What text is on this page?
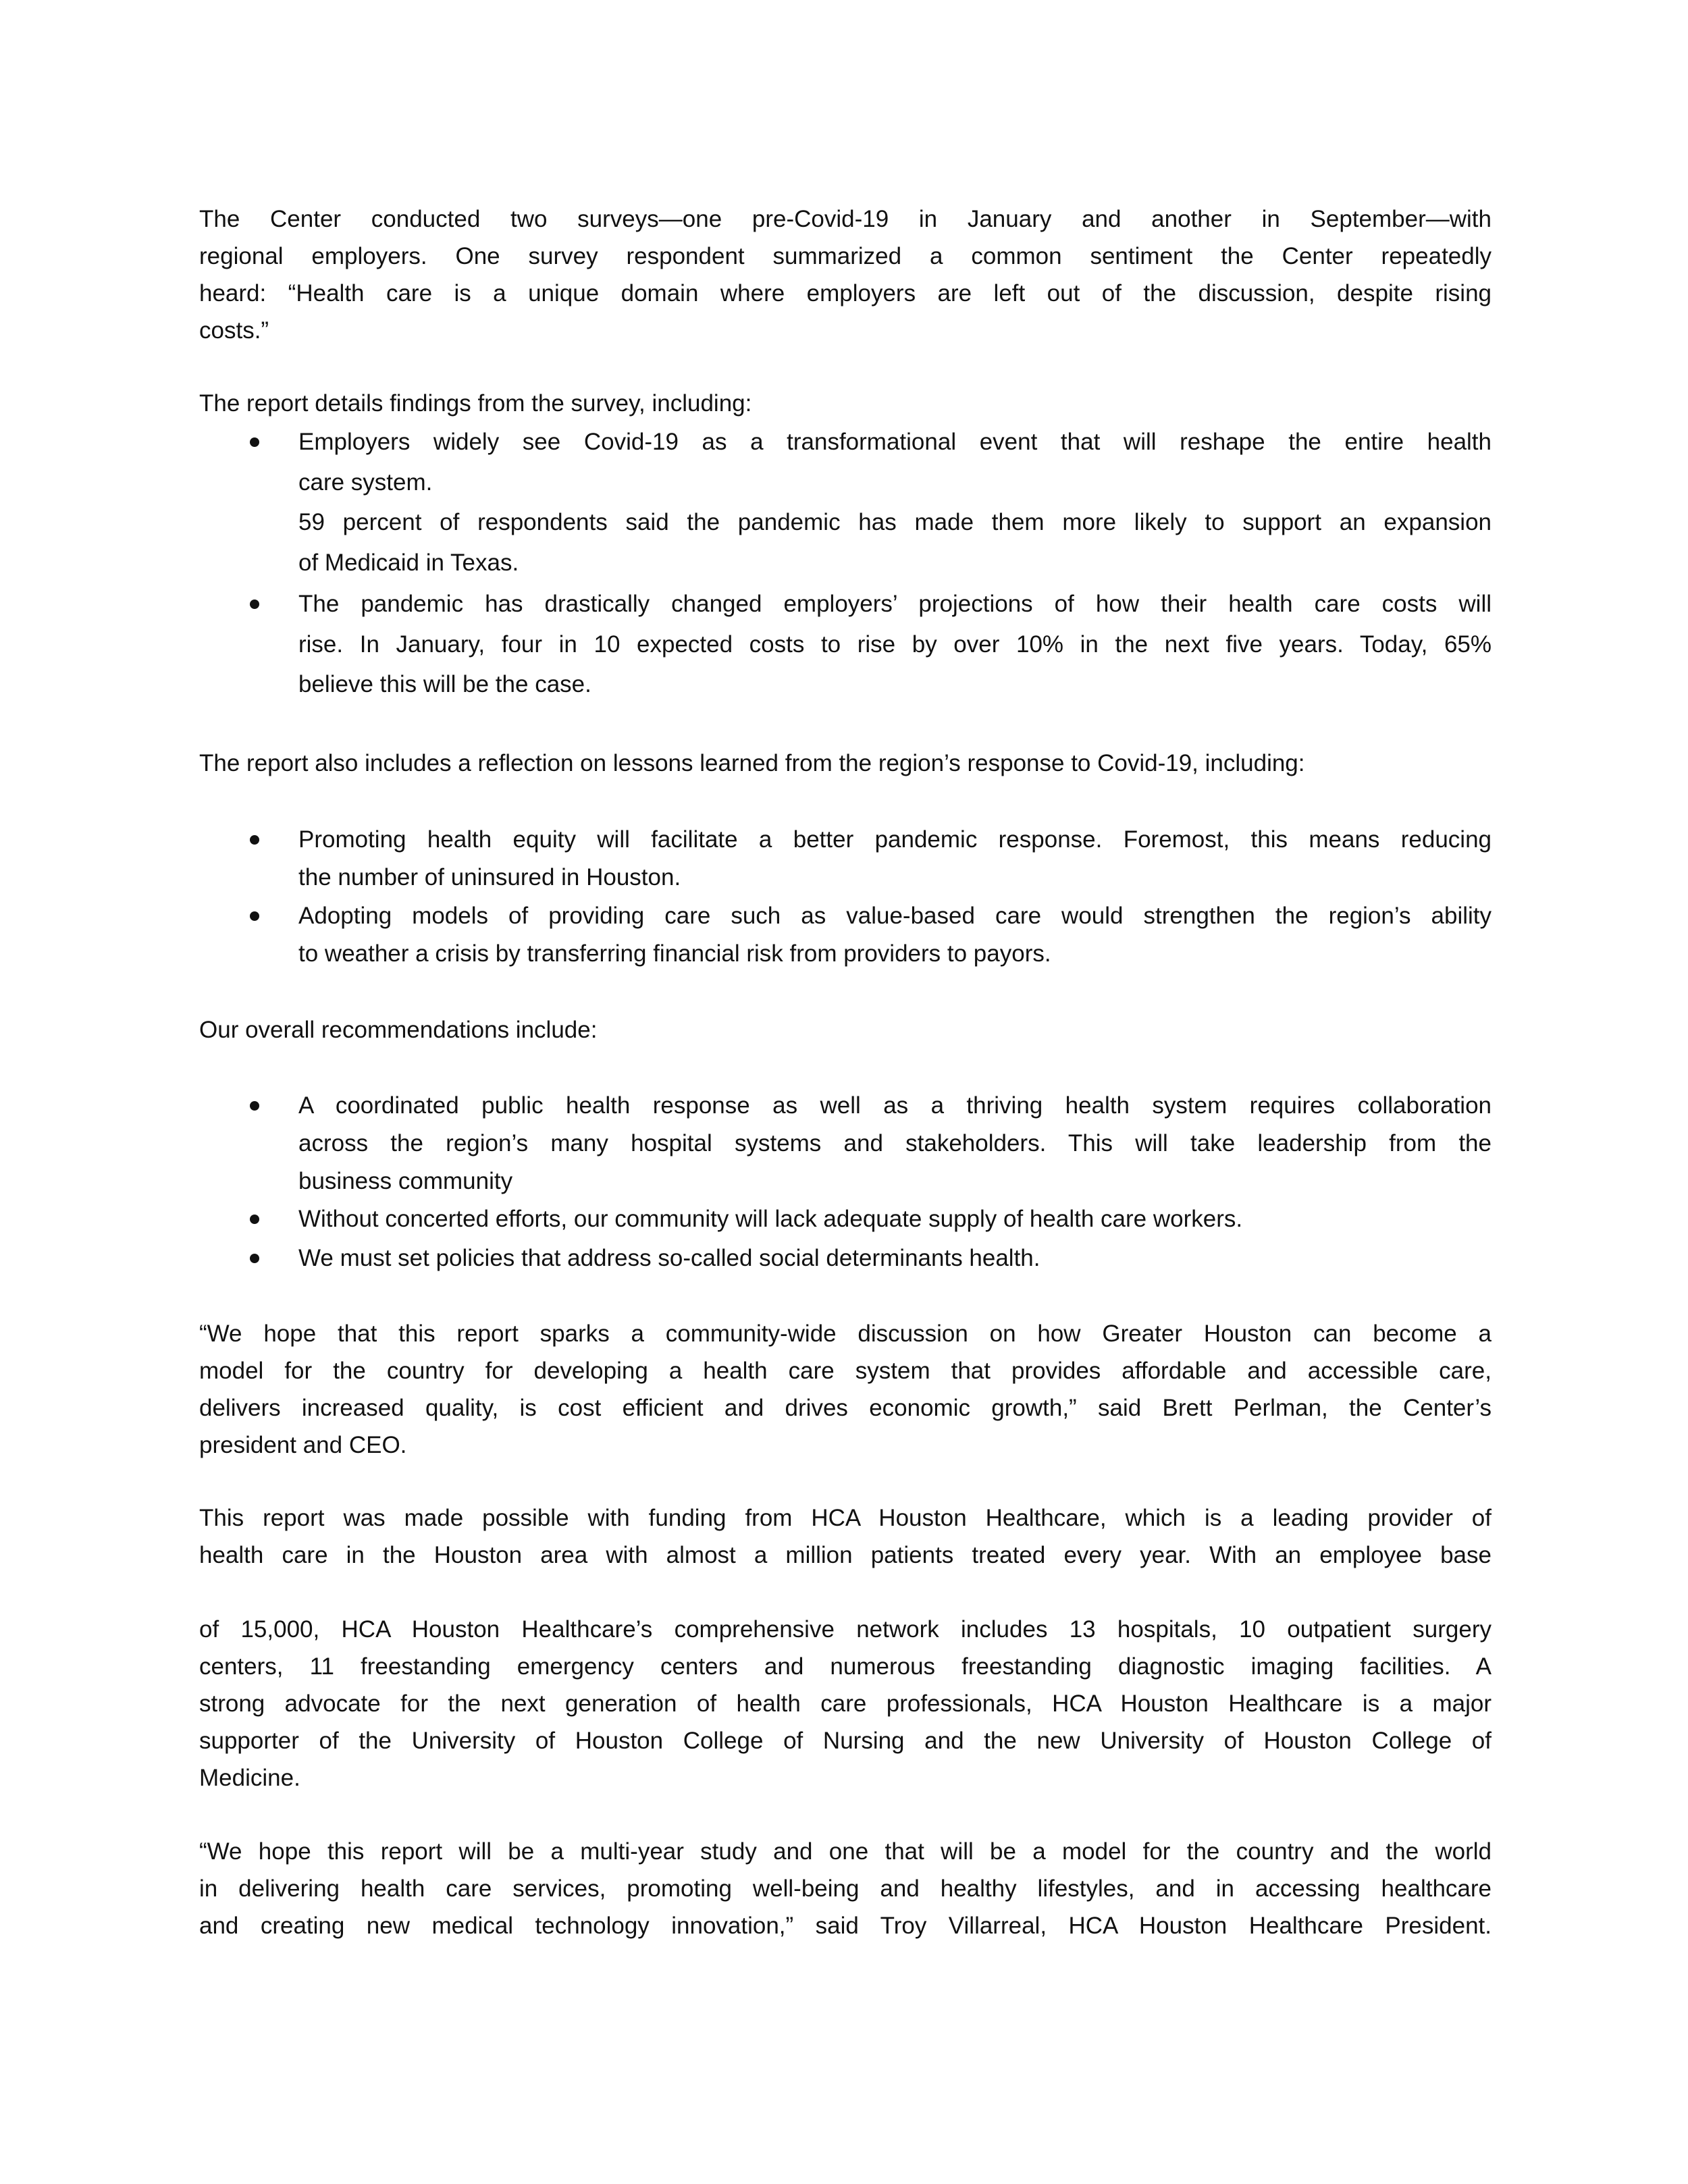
The Center conducted two surveys—one pre-Covid-19 in January and another in September—with
regional employers. One survey respondent summarized a common sentiment the Center repeatedly
heard: “Health care is a unique domain where employers are left out of the discussion, despite rising
costs.”
The report details findings from the survey, including:
Employers widely see Covid-19 as a transformational event that will reshape the entire health
care system.
59 percent of respondents said the pandemic has made them more likely to support an expansion
of Medicaid in Texas.
The pandemic has drastically changed employers’ projections of how their health care costs will
rise. In January, four in 10 expected costs to rise by over 10% in the next five years. Today, 65%
believe this will be the case.
The report also includes a reflection on lessons learned from the region’s response to Covid-19, including:
Promoting health equity will facilitate a better pandemic response. Foremost, this means reducing
the number of uninsured in Houston.
Adopting models of providing care such as value-based care would strengthen the region’s ability
to weather a crisis by transferring financial risk from providers to payors.
Our overall recommendations include:
A coordinated public health response as well as a thriving health system requires collaboration
across the region’s many hospital systems and stakeholders. This will take leadership from the
business community
Without concerted efforts, our community will lack adequate supply of health care workers.
We must set policies that address so-called social determinants health.
“We hope that this report sparks a community-wide discussion on how Greater Houston can become a
model for the country for developing a health care system that provides affordable and accessible care,
delivers increased quality, is cost efficient and drives economic growth,” said Brett Perlman, the Center’s
president and CEO.
This report was made possible with funding from HCA Houston Healthcare, which is a leading provider of
health care in the Houston area with almost a million patients treated every year. With an employee base
of 15,000, HCA Houston Healthcare’s comprehensive network includes 13 hospitals, 10 outpatient surgery
centers, 11 freestanding emergency centers and numerous freestanding diagnostic imaging facilities. A
strong advocate for the next generation of health care professionals, HCA Houston Healthcare is a major
supporter of the University of Houston College of Nursing and the new University of Houston College of
Medicine.
“We hope this report will be a multi-year study and one that will be a model for the country and the world
in delivering health care services, promoting well-being and healthy lifestyles, and in accessing healthcare
and creating new medical technology innovation,” said Troy Villarreal, HCA Houston Healthcare President.
